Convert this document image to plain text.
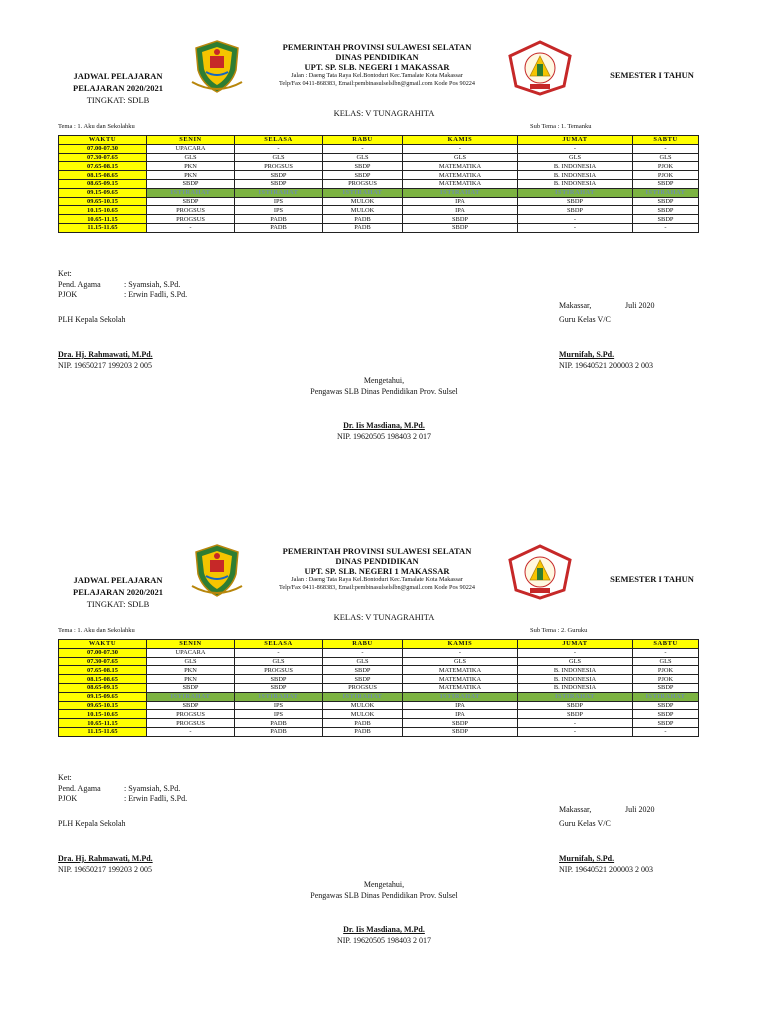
JADWAL PELAJARAN
PELAJARAN 2020/2021
TINGKAT: SDLB
PEMERINTAH PROVINSI SULAWESI SELATAN
DINAS PENDIDIKAN
UPT. SP. SLB. NEGERI 1 MAKASSAR
Jalan : Daeng Tata Raya Kel.Bontoduri Kec.Tamalate Kota Makassar
Telp/Fax 0411-868383, Email:pembinasulselslbn@gmail.com Kode Pos 90224
SEMESTER I TAHUN
KELAS: V TUNAGRAHITA
Tema : 1. Aku dan Sekolahku	Sub Tema : 1. Temanku
WAKTU	SENIN	SELASA	RABU	KAMIS	JUMAT	SABTU
07.00-07.30	UPACARA	-	-	-	-	-
07.30-07.65	GLS	GLS	GLS	GLS	GLS	GLS
07.65-08.15	PKN	PROGSUS	SBDP	MATEMATIKA	B. INDONESIA	PJOK
08.15-08.65	PKN	SBDP	SBDP	MATEMATIKA	B. INDONESIA	PJOK
08.65-09.15	SBDP	SBDP	PROGSUS	MATEMATIKA	B. INDONESIA	SBDP
09.15-09.65	ISTIRAHAT	ISTIRAHAT	ISTIRAHAT	ISTIRAHAT	ISTIRAHAT	ISTIRAHAT
09.65-10.15	SBDP	IPS	MULOK	IPA	SBDP	SBDP
10.15-10.65	PROGSUS	IPS	MULOK	IPA	SBDP	SBDP
10.65-11.15	PROGSUS	PADB	PADB	SBDP	-	SBDP
11.15-11.65	-	PADB	PADB	SBDP	-	-
Ket:
Pend. Agama	: Syamsiah, S.Pd.
PJOK	: Erwin Fadli, S.Pd.
Makassar,	Juli 2020
PLH Kepala Sekolah	Guru Kelas V/C
Dra. Hj. Rahmawati, M.Pd.
NIP. 19650217 199203 2 005
Murnifah, S.Pd.
NIP. 19640521 200003 2 003
Mengetahui,
Pengawas SLB Dinas Pendidikan Prov. Sulsel
Dr. Iis Masdiana, M.Pd.
NIP. 19620505 198403 2 017
JADWAL PELAJARAN
PELAJARAN 2020/2021
TINGKAT: SDLB
PEMERINTAH PROVINSI SULAWESI SELATAN
DINAS PENDIDIKAN
UPT. SP. SLB. NEGERI 1 MAKASSAR
Jalan : Daeng Tata Raya Kel.Bontoduri Kec.Tamalate Kota Makassar
Telp/Fax 0411-868383, Email:pembinasulselslbn@gmail.com Kode Pos 90224
SEMESTER I TAHUN
KELAS: V TUNAGRAHITA
Tema : 1. Aku dan Sekolahku	Sub Tema : 2. Guruku
WAKTU	SENIN	SELASA	RABU	KAMIS	JUMAT	SABTU
07.00-07.30	UPACARA	-	-	-	-	-
07.30-07.65	GLS	GLS	GLS	GLS	GLS	GLS
07.65-08.15	PKN	PROGSUS	SBDP	MATEMATIKA	B. INDONESIA	PJOK
08.15-08.65	PKN	SBDP	SBDP	MATEMATIKA	B. INDONESIA	PJOK
08.65-09.15	SBDP	SBDP	PROGSUS	MATEMATIKA	B. INDONESIA	SBDP
09.15-09.65	ISTIRAHAT	ISTIRAHAT	ISTIRAHAT	ISTIRAHAT	ISTIRAHAT	ISTIRAHAT
09.65-10.15	SBDP	IPS	MULOK	IPA	SBDP	SBDP
10.15-10.65	PROGSUS	IPS	MULOK	IPA	SBDP	SBDP
10.65-11.15	PROGSUS	PADB	PADB	SBDP	-	SBDP
11.15-11.65	-	PADB	PADB	SBDP	-	-
Ket:
Pend. Agama	: Syamsiah, S.Pd.
PJOK	: Erwin Fadli, S.Pd.
Makassar,	Juli 2020
PLH Kepala Sekolah	Guru Kelas V/C
Dra. Hj. Rahmawati, M.Pd.
NIP. 19650217 199203 2 005
Murnifah, S.Pd.
NIP. 19640521 200003 2 003
Mengetahui,
Pengawas SLB Dinas Pendidikan Prov. Sulsel
Dr. Iis Masdiana, M.Pd.
NIP. 19620505 198403 2 017
